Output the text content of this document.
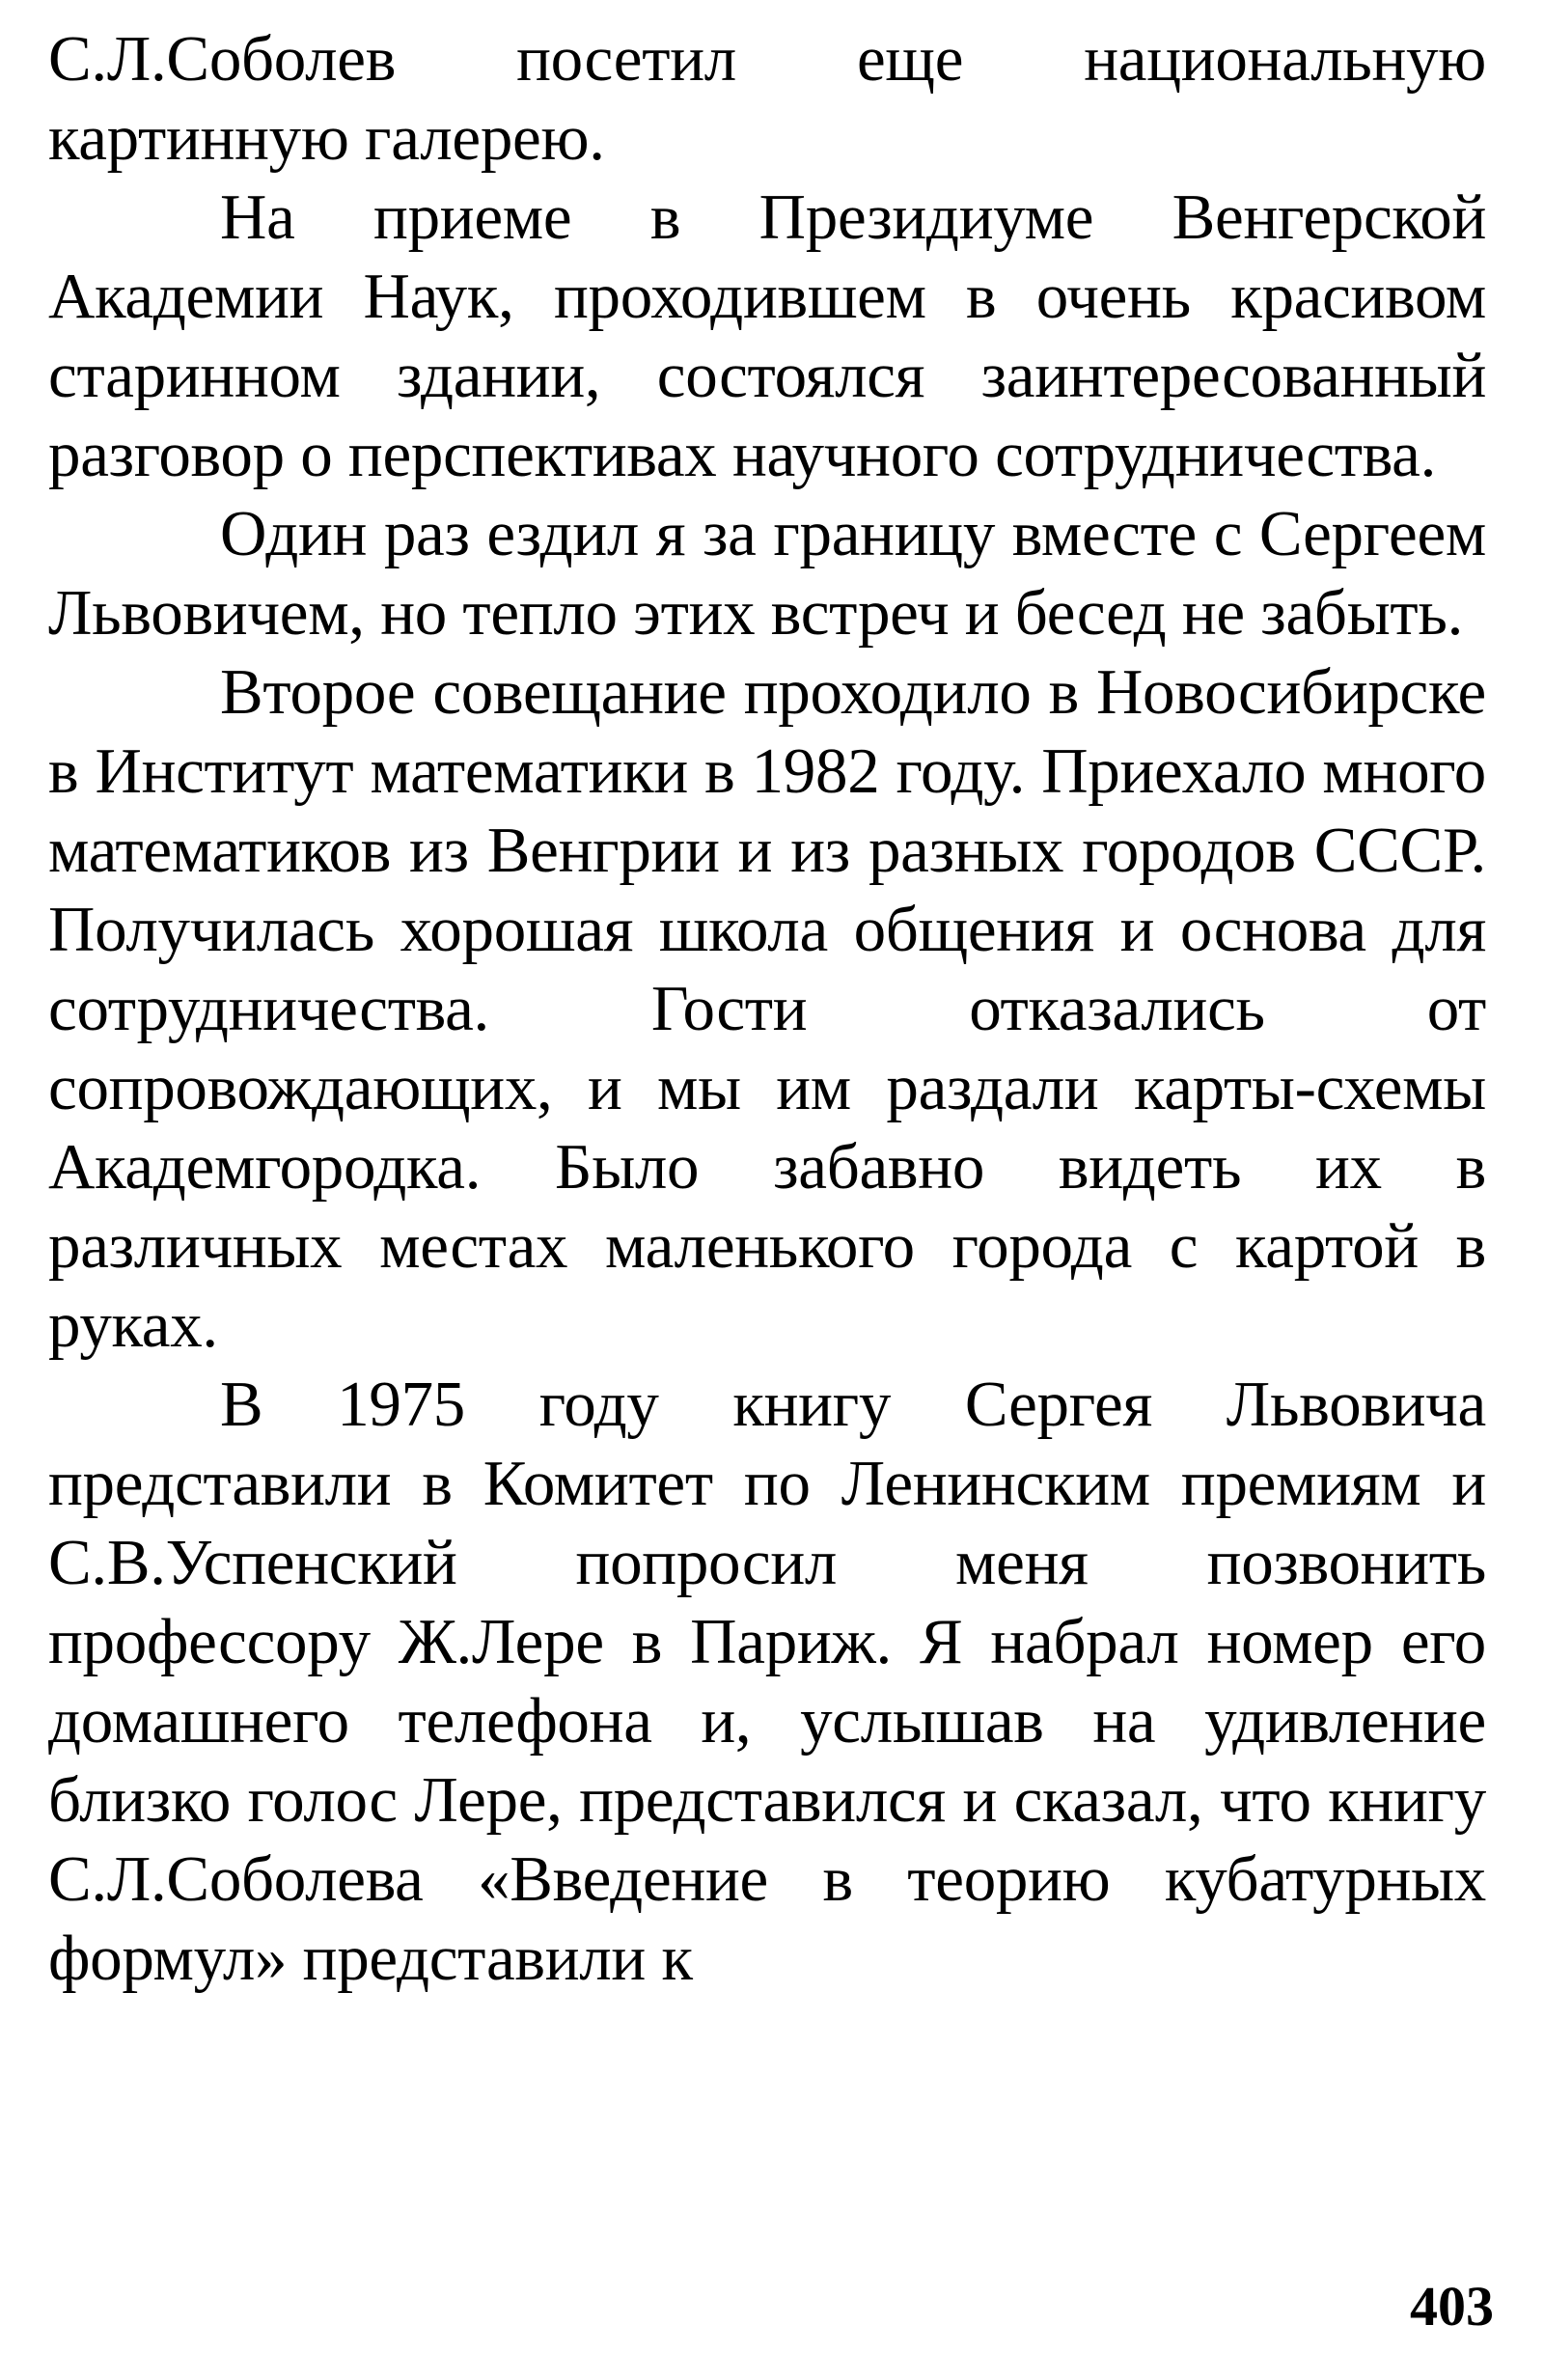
С.Л.Соболев посетил еще национальную картинную галерею.

На приеме в Президиуме Венгерской Академии Наук, проходившем в очень красивом старинном здании, состоялся заинтересованный разговор о перспективах научного сотрудничества.

Один раз ездил я за границу вместе с Сергеем Львовичем, но тепло этих встреч и бесед не забыть.

Второе совещание проходило в Новосибирске в Институт математики в 1982 году. Приехало много математиков из Венгрии и из разных городов СССР. Получилась хорошая школа общения и основа для сотрудничества. Гости отказались от сопровождающих, и мы им раздали карты-схемы Академгородка. Было забавно видеть их в различных местах маленького города с картой в руках.

В 1975 году книгу Сергея Львовича представили в Комитет по Ленинским премиям и С.В.Успенский попросил меня позвонить профессору Ж.Лере в Париж. Я набрал номер его домашнего телефона и, услышав на удивление близко голос Лере, представился и сказал, что книгу С.Л.Соболева «Введение в теорию кубатурных формул» представили к

403
